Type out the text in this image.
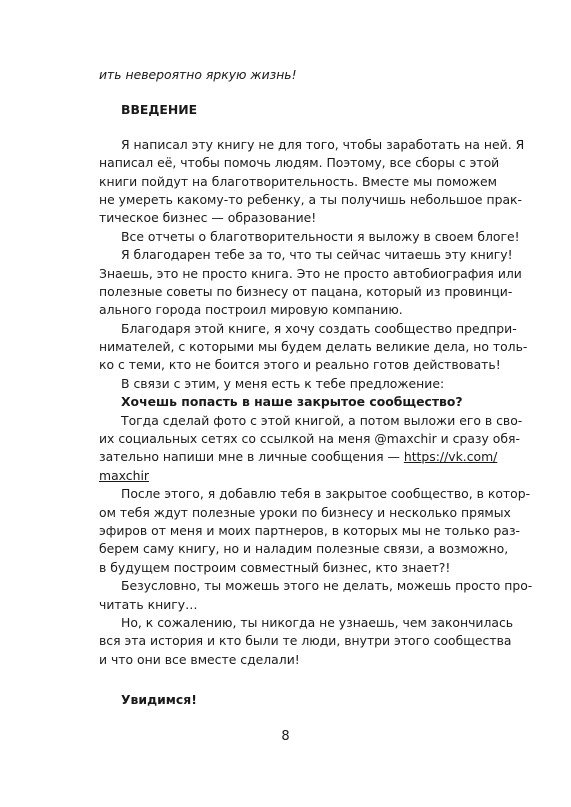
ить невероятно яркую жизнь!
ВВЕДЕНИЕ
Я написал эту книгу не для того, чтобы заработать на ней. Я
написал её, чтобы помочь людям. Поэтому, все сборы с этой
книги пойдут на благотворительность. Вместе мы поможем
не умереть какому-то ребенку, а ты получишь небольшое прак-
тическое бизнес — образование!
Все отчеты о благотворительности я выложу в своем блоге!
Я благодарен тебе за то, что ты сейчас читаешь эту книгу!
Знаешь, это не просто книга. Это не просто автобиография или
полезные советы по бизнесу от пацана, который из провинци-
ального города построил мировую компанию.
Благодаря этой книге, я хочу создать сообщество предпри-
нимателей, с которыми мы будем делать великие дела, но толь-
ко с теми, кто не боится этого и реально готов действовать!
В связи с этим, у меня есть к тебе предложение:
Хочешь попасть в наше закрытое сообщество?
Тогда сделай фото с этой книгой, а потом выложи его в сво-
их социальных сетях со ссылкой на меня @maxchir и сразу обя-
зательно напиши мне в личные сообщения — https://vk.com/
maxchir
После этого, я добавлю тебя в закрытое сообщество, в котор-
ом тебя ждут полезные уроки по бизнесу и несколько прямых
эфиров от меня и моих партнеров, в которых мы не только раз-
берем саму книгу, но и наладим полезные связи, а возможно,
в будущем построим совместный бизнес, кто знает?!
Безусловно, ты можешь этого не делать, можешь просто про-
читать книгу…
Но, к сожалению, ты никогда не узнаешь, чем закончилась
вся эта история и кто были те люди, внутри этого сообщества
и что они все вместе сделали!
Увидимся!
8
